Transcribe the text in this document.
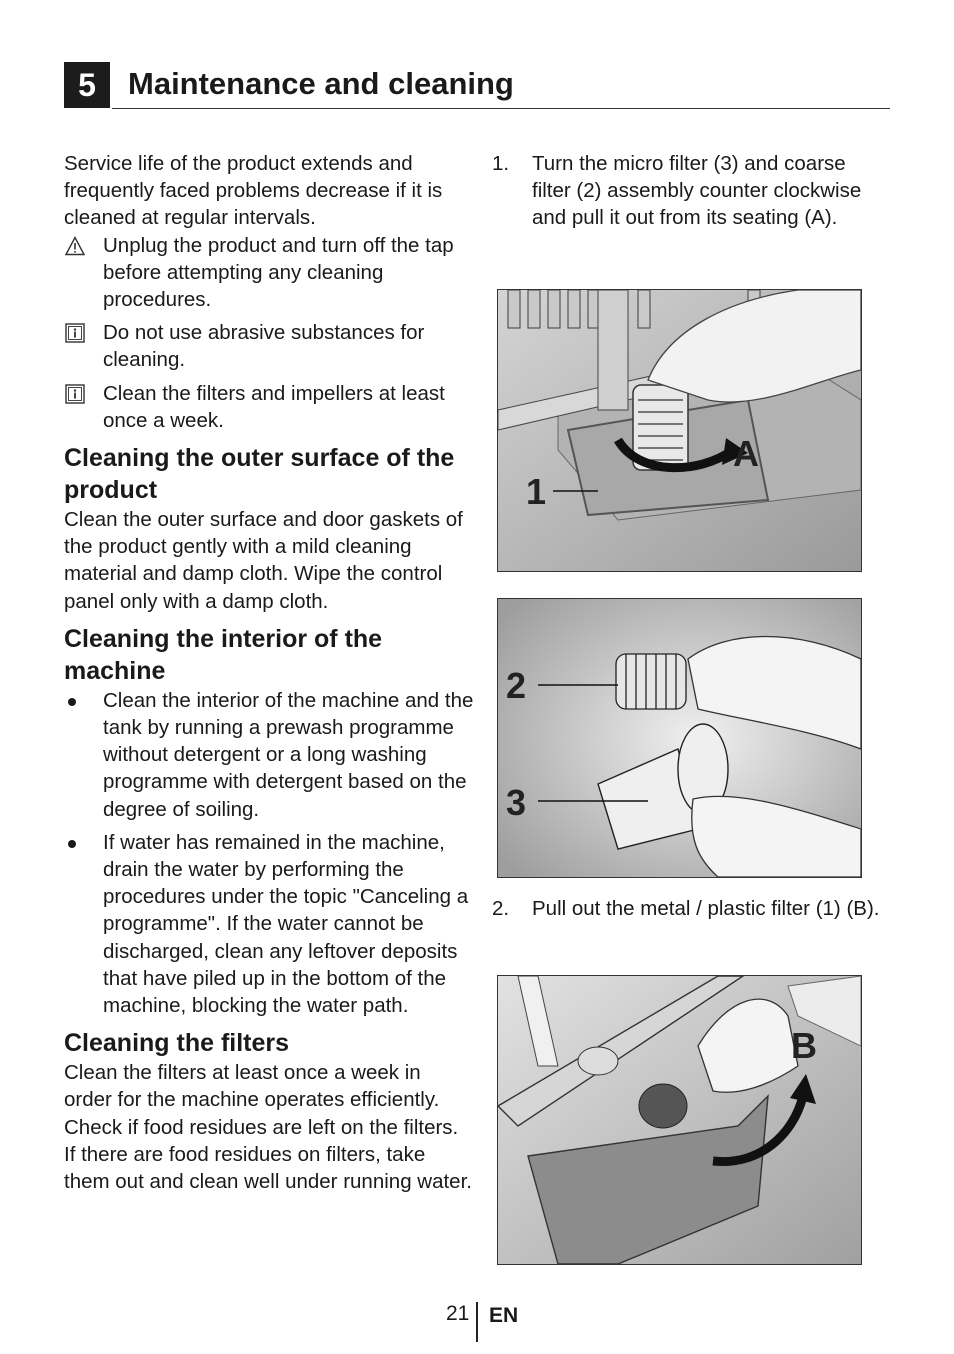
5	Maintenance and cleaning

Service life of the product extends and frequently faced problems decrease if it is cleaned at regular intervals.

Unplug the product and turn off the tap before attempting any cleaning procedures.
Do not use abrasive substances for cleaning.
Clean the filters and impellers at least once a week.
Cleaning the outer surface of the product

Clean the outer surface and door gaskets of the product gently with a mild cleaning material and damp cloth. Wipe the control panel only with a damp cloth.

Cleaning the interior of the machine
Clean the interior of the machine and the tank by running a prewash programme without detergent or a long washing programme with detergent based on the degree of soiling.
If water has remained in the machine, drain the water by performing the procedures under the topic "Canceling a programme". If the water cannot be discharged, clean any leftover deposits that have piled up in the bottom of the machine, blocking the water path.
Cleaning the filters

Clean the filters at least once a week in order for the machine operates efficiently. Check if food residues are left on the filters. If there are food residues on filters, take them out and clean well under running water.

1. Turn the micro filter (3) and coarse filter (2) assembly counter clockwise and pull it out from its seating (A).
1
A
2
3
2. Pull out the metal / plastic filter (1) (B).
B
21 EN
